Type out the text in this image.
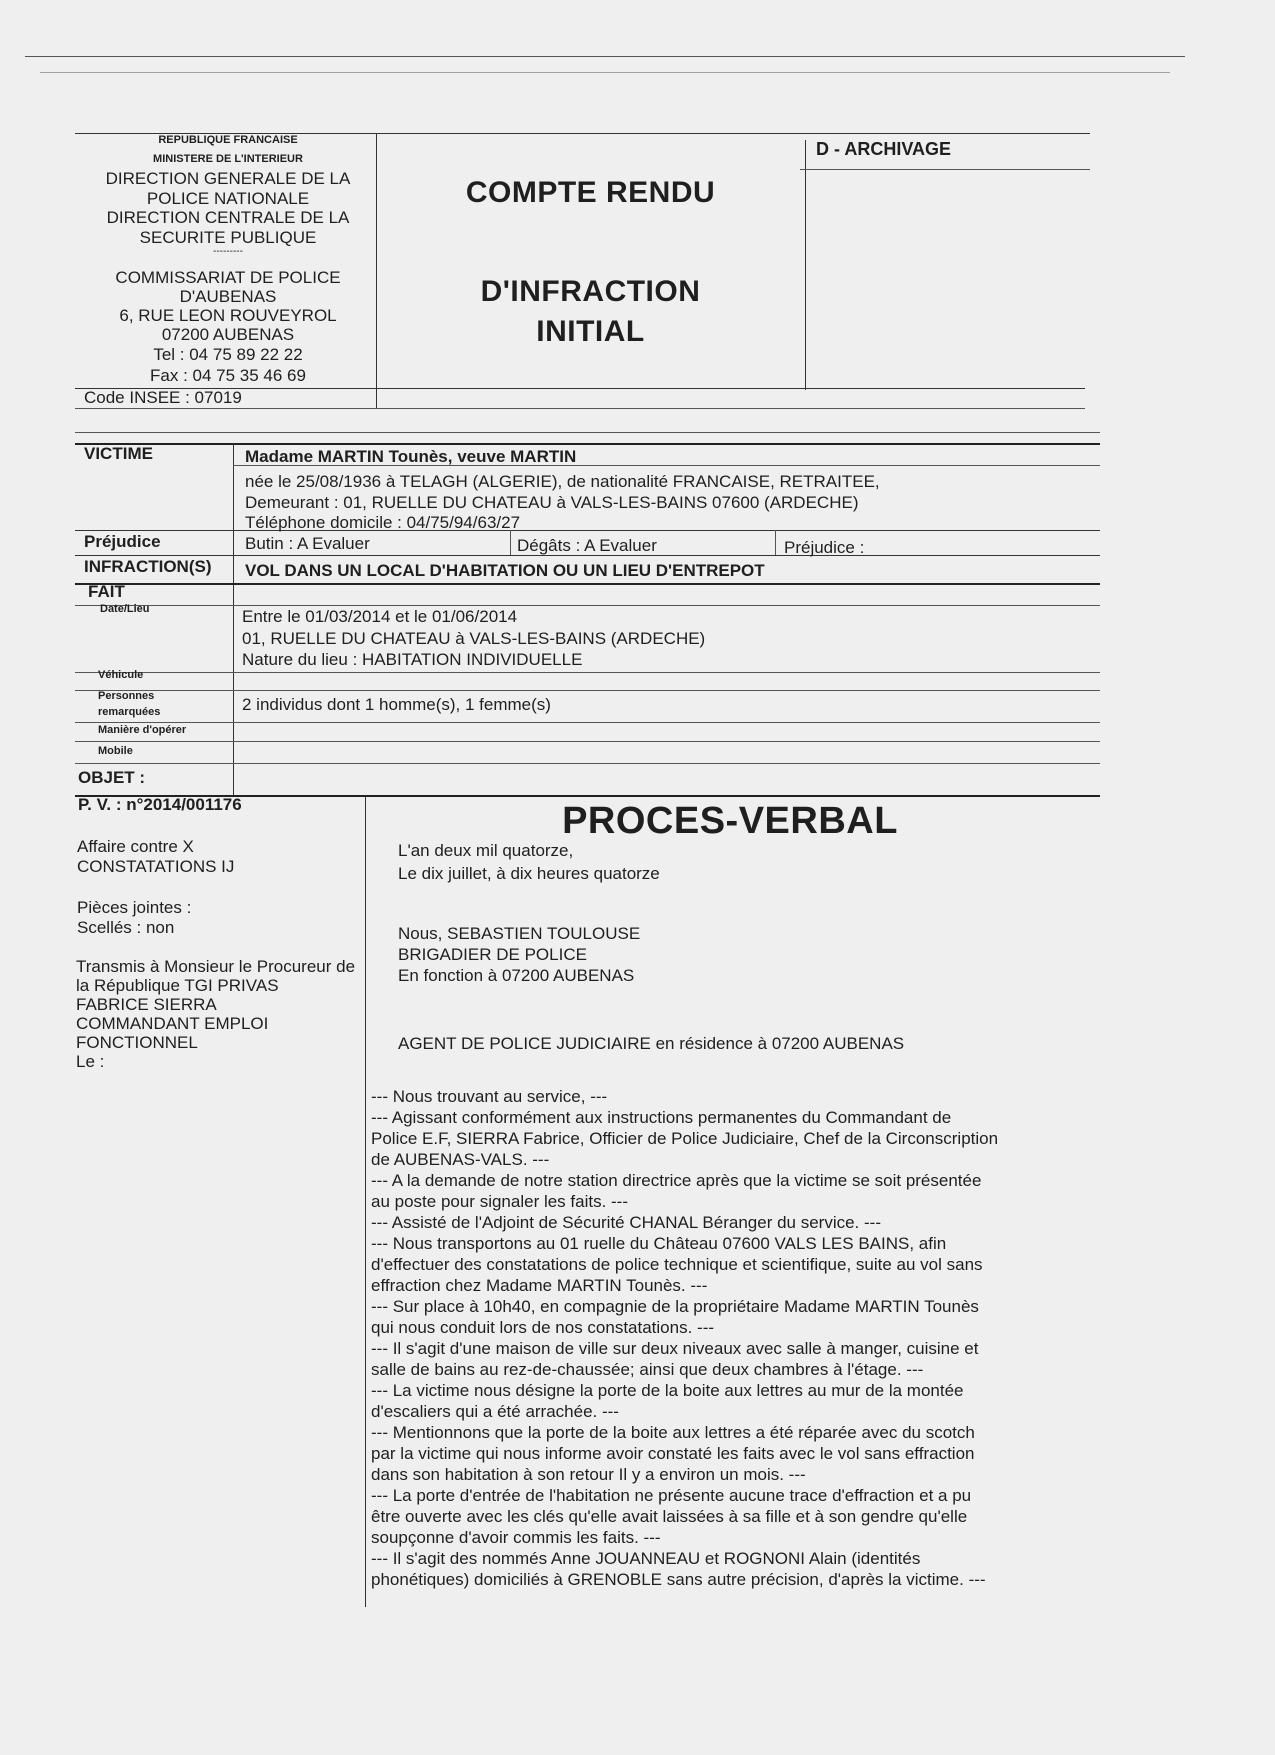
REPUBLIQUE FRANCAISE
MINISTERE DE L'INTERIEUR
DIRECTION GENERALE DE LA
POLICE NATIONALE
DIRECTION CENTRALE DE LA
SECURITE PUBLIQUE
---------
COMMISSARIAT DE POLICE
D'AUBENAS
6, RUE LEON ROUVEYROL
07200 AUBENAS
Tel : 04 75 89 22 22
Fax : 04 75 35 46 69
Code INSEE : 07019
COMPTE RENDU
D'INFRACTION
INITIAL
D - ARCHIVAGE
VICTIME	Madame MARTIN Tounès, veuve MARTIN
née le 25/08/1936 à TELAGH (ALGERIE), de nationalité FRANCAISE, RETRAITEE,
Demeurant : 01, RUELLE DU CHATEAU à VALS-LES-BAINS 07600 (ARDECHE)
Téléphone domicile : 04/75/94/63/27
Préjudice	Butin : A Evaluer	Dégâts : A Evaluer	Préjudice :
INFRACTION(S) VOL DANS UN LOCAL D'HABITATION OU UN LIEU D'ENTREPOT
FAIT
Date/Lieu	Entre le 01/03/2014 et le 01/06/2014
01, RUELLE DU CHATEAU à VALS-LES-BAINS (ARDECHE)
Nature du lieu : HABITATION INDIVIDUELLE
Véhicule
Personnes
remarquées	2 individus dont 1 homme(s), 1 femme(s)
Manière d'opérer
Mobile
OBJET :
P. V. : n°2014/001176
Affaire contre X
CONSTATATIONS IJ
Pièces jointes :
Scellés : non
Transmis à Monsieur le Procureur de
la République TGI PRIVAS
FABRICE SIERRA
COMMANDANT EMPLOI
FONCTIONNEL
Le :
PROCES-VERBAL
L'an deux mil quatorze,
Le dix juillet, à dix heures quatorze
Nous, SEBASTIEN TOULOUSE
BRIGADIER DE POLICE
En fonction à 07200 AUBENAS
AGENT DE POLICE JUDICIAIRE en résidence à 07200 AUBENAS
--- Nous trouvant au service, ---
--- Agissant conformément aux instructions permanentes du Commandant de
Police E.F, SIERRA Fabrice, Officier de Police Judiciaire, Chef de la Circonscription
de AUBENAS-VALS. ---
--- A la demande de notre station directrice après que la victime se soit présentée
au poste pour signaler les faits. ---
--- Assisté de l'Adjoint de Sécurité CHANAL Béranger du service. ---
--- Nous transportons au 01 ruelle du Château 07600 VALS LES BAINS, afin
d'effectuer des constatations de police technique et scientifique, suite au vol sans
effraction chez Madame MARTIN Tounès. ---
--- Sur place à 10h40, en compagnie de la propriétaire Madame MARTIN Tounès
qui nous conduit lors de nos constatations. ---
--- Il s'agit d'une maison de ville sur deux niveaux avec salle à manger, cuisine et
salle de bains au rez-de-chaussée; ainsi que deux chambres à l'étage. ---
--- La victime nous désigne la porte de la boite aux lettres au mur de la montée
d'escaliers qui a été arrachée. ---
--- Mentionnons que la porte de la boite aux lettres a été réparée avec du scotch
par la victime qui nous informe avoir constaté les faits avec le vol sans effraction
dans son habitation à son retour Il y a environ un mois. ---
--- La porte d'entrée de l'habitation ne présente aucune trace d'effraction et a pu
être ouverte avec les clés qu'elle avait laissées à sa fille et à son gendre qu'elle
soupçonne d'avoir commis les faits. ---
--- Il s'agit des nommés Anne JOUANNEAU et ROGNONI Alain (identités
phonétiques) domiciliés à GRENOBLE sans autre précision, d'après la victime. ---
